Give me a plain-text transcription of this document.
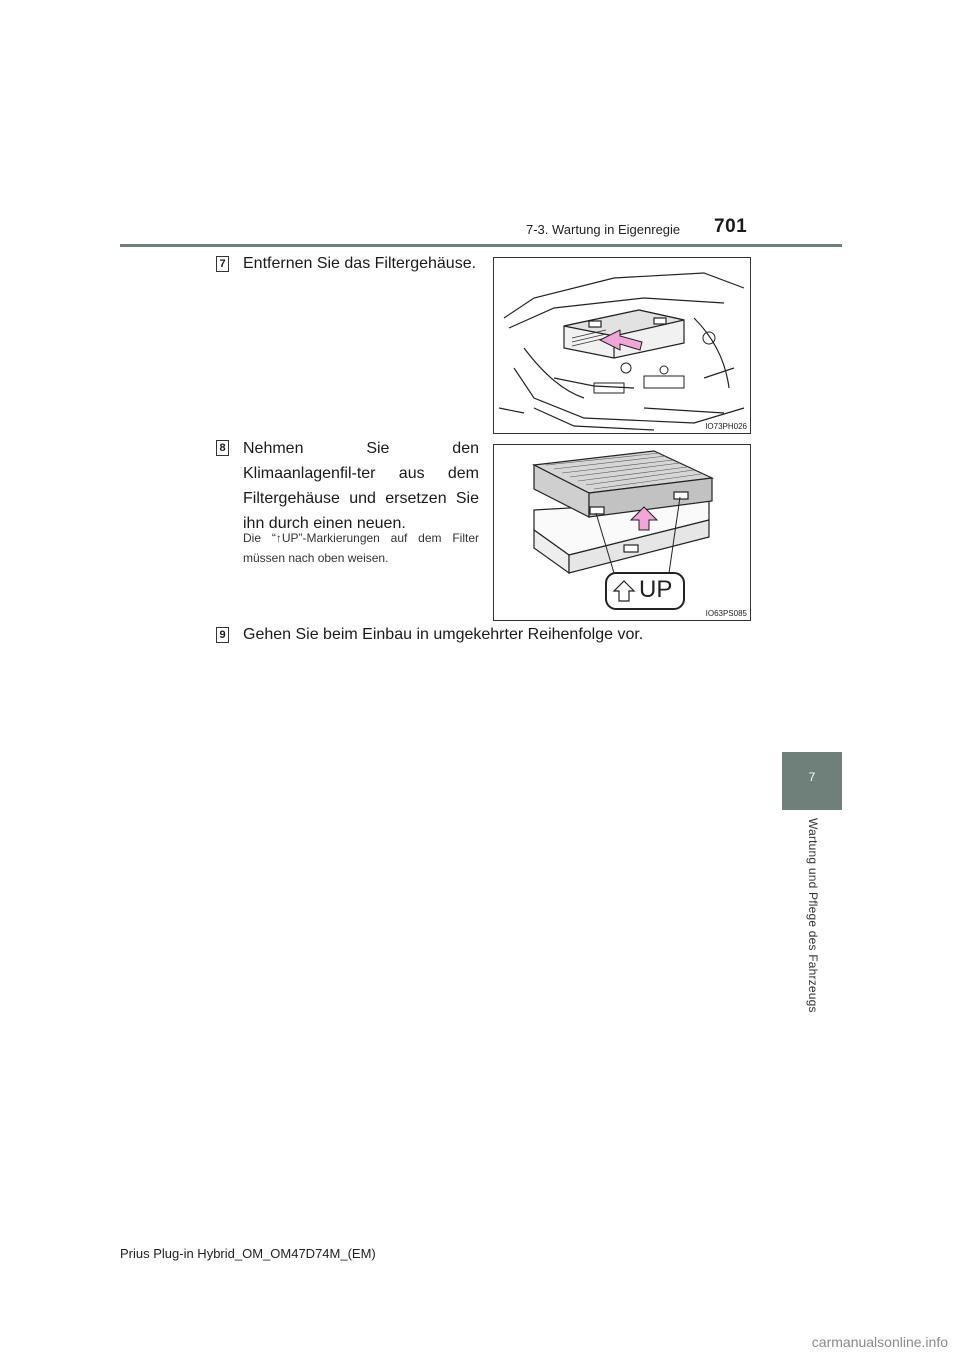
7-3. Wartung in Eigenregie 701
7 Entfernen Sie das Filtergehäuse.
IO73PH026
8 Nehmen Sie den Klimaanlagenfil-ter aus dem Filtergehäuse und ersetzen Sie ihn durch einen neuen.
Die “↑UP”-Markierungen auf dem Filter müssen nach oben weisen.
UP
IO63PS085
9 Gehen Sie beim Einbau in umgekehrter Reihenfolge vor.
7
Wartung und Pflege des Fahrzeugs
Prius Plug-in Hybrid_OM_OM47D74M_(EM)
carmanualsonline.info
